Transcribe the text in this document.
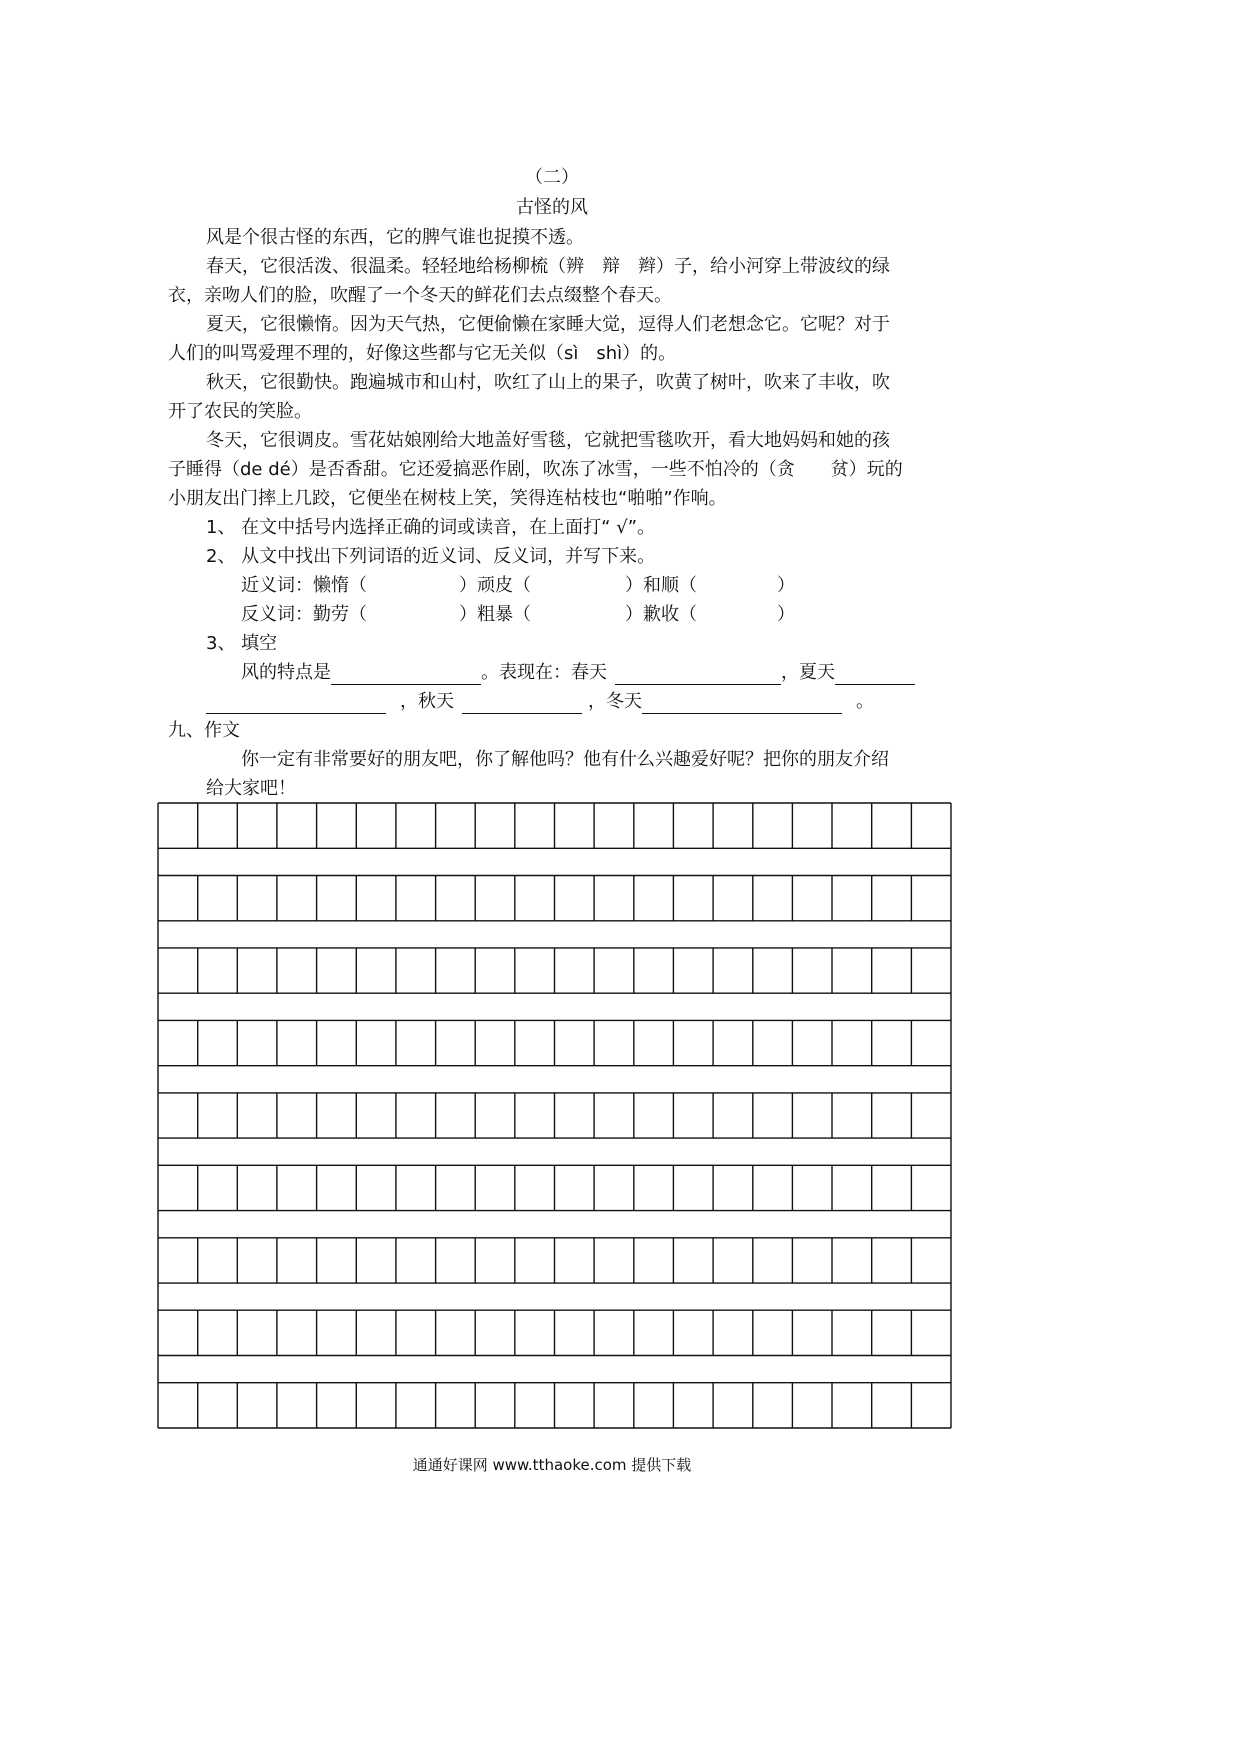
（二）
古怪的风
风是个很古怪的东西，它的脾气谁也捉摸不透。
春天，它很活泼、很温柔。轻轻地给杨柳梳（辨　辩　辫）子，给小河穿上带波纹的绿
衣，亲吻人们的脸，吹醒了一个冬天的鲜花们去点缀整个春天。
夏天，它很懒惰。因为天气热，它便偷懒在家睡大觉，逗得人们老想念它。它呢？对于
人们的叫骂爱理不理的，好像这些都与它无关似（sì　shì）的。
秋天，它很勤快。跑遍城市和山村，吹红了山上的果子，吹黄了树叶，吹来了丰收，吹
开了农民的笑脸。
冬天，它很调皮。雪花姑娘刚给大地盖好雪毯，它就把雪毯吹开，看大地妈妈和她的孩
子睡得（de dé）是否香甜。它还爱搞恶作剧，吹冻了冰雪，一些不怕冷的（贪　　贫）玩的
小朋友出门摔上几跤，它便坐在树枝上笑，笑得连枯枝也“啪啪”作响。
1、 在文中括号内选择正确的词或读音，在上面打“ √”。
2、 从文中找出下列词语的近义词、反义词，并写下来。
近义词：懒惰（	）顽皮（	）和顺（	）
反义词：勤劳（	）粗暴（	）歉收（	）
3、 填空
风的特点是	。表现在：春天	，夏天
，秋天	，冬天	。
九、作文
你一定有非常要好的朋友吧，你了解他吗？他有什么兴趣爱好呢？把你的朋友介绍
给大家吧！
通通好课网 www.tthaoke.com 提供下载
